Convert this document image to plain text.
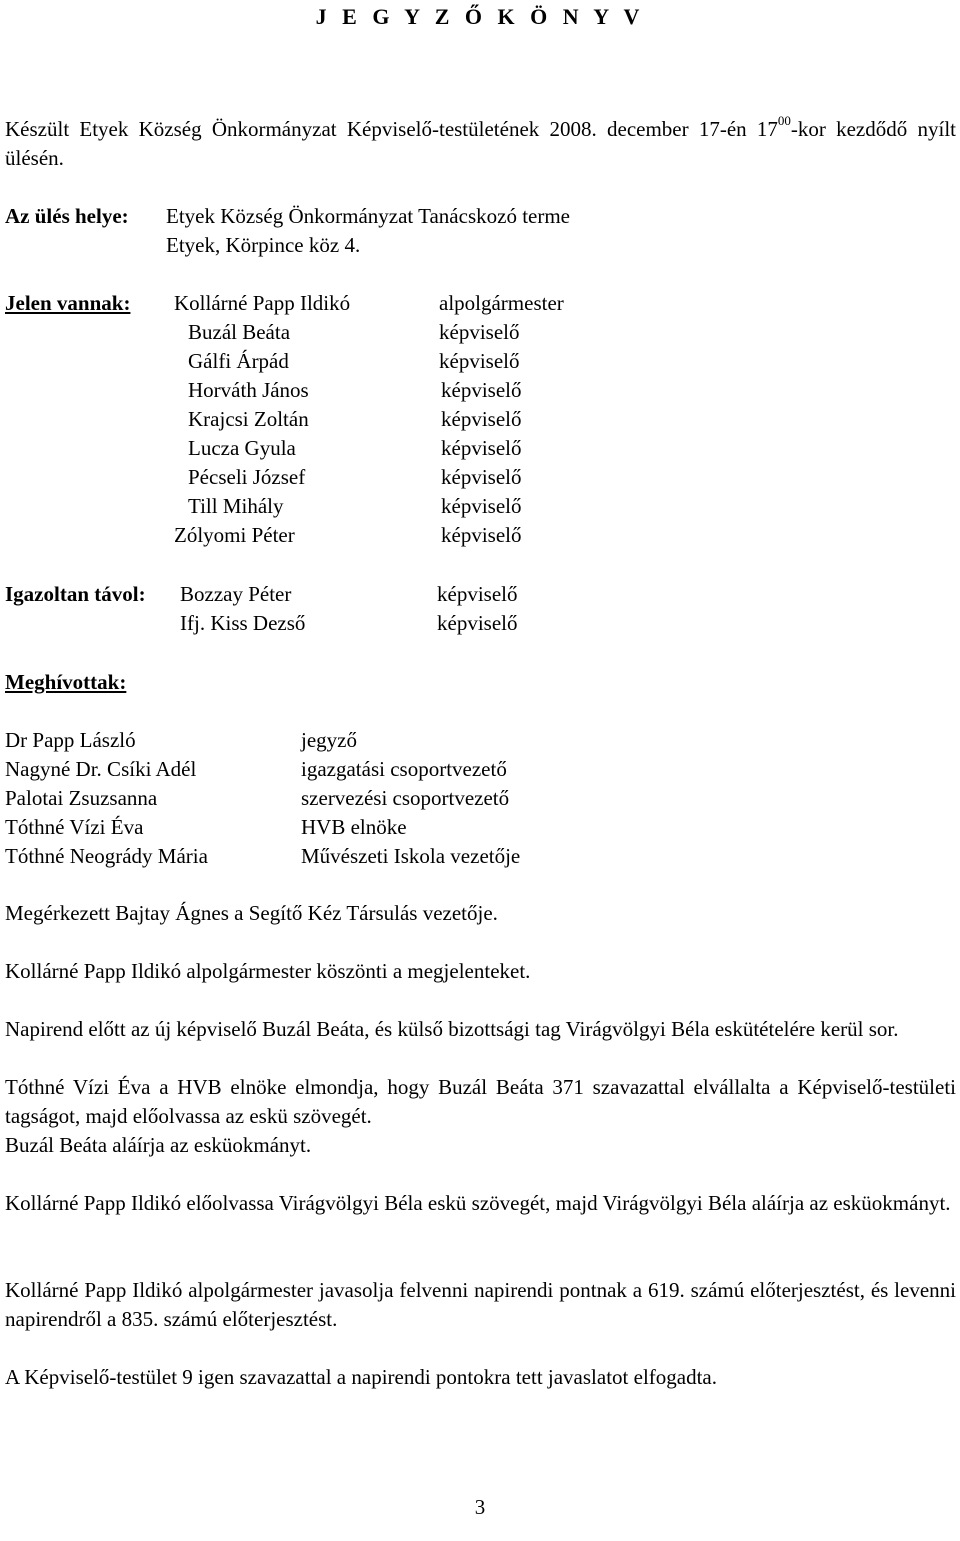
J E G Y Z Ő K Ö N Y V

Készült Etyek Község Önkormányzat Képviselő-testületének 2008. december 17-én $17^{00}$-kor kezdődő nyílt ülésén.

Az ülés helye: Etyek Község Önkormányzat Tanácskozó terme
Etyek, Körpince köz 4.
Jelen vannak: Kollárné Papp Ildikó	alpolgármester
Buzál Beáta	képviselő
Gálfi Árpád	képviselő
Horváth János	képviselő
Krajcsi Zoltán	képviselő
Lucza Gyula	képviselő
Pécseli József	képviselő
Till Mihály	képviselő
Zólyomi Péter	képviselő
Igazoltan távol: Bozzay Péter	képviselő
Ifj. Kiss Dezső	képviselő
Meghívottak:
Dr Papp László	jegyző
Nagyné Dr. Csíki Adél	igazgatási csoportvezető
Palotai Zsuzsanna	szervezési csoportvezető
Tóthné Vízi Éva	HVB elnöke
Tóthné Neogrády Mária	Művészeti Iskola vezetője

Megérkezett Bajtay Ágnes a Segítő Kéz Társulás vezetője.

Kollárné Papp Ildikó alpolgármester köszönti a megjelenteket.

Napirend előtt az új képviselő Buzál Beáta, és külső bizottsági tag Virágvölgyi Béla eskütételére kerül sor.

Tóthné Vízi Éva a HVB elnöke elmondja, hogy Buzál Beáta 371 szavazattal elvállalta a Képviselő-testületi tagságot, majd előolvassa az eskü szövegét.

Buzál Beáta aláírja az esküokmányt.

Kollárné Papp Ildikó előolvassa Virágvölgyi Béla eskü szövegét, majd Virágvölgyi Béla aláírja az esküokmányt.

Kollárné Papp Ildikó alpolgármester javasolja felvenni napirendi pontnak a 619. számú előterjesztést, és levenni napirendről a 835. számú előterjesztést.

A Képviselő-testület 9 igen szavazattal a napirendi pontokra tett javaslatot elfogadta.

3
